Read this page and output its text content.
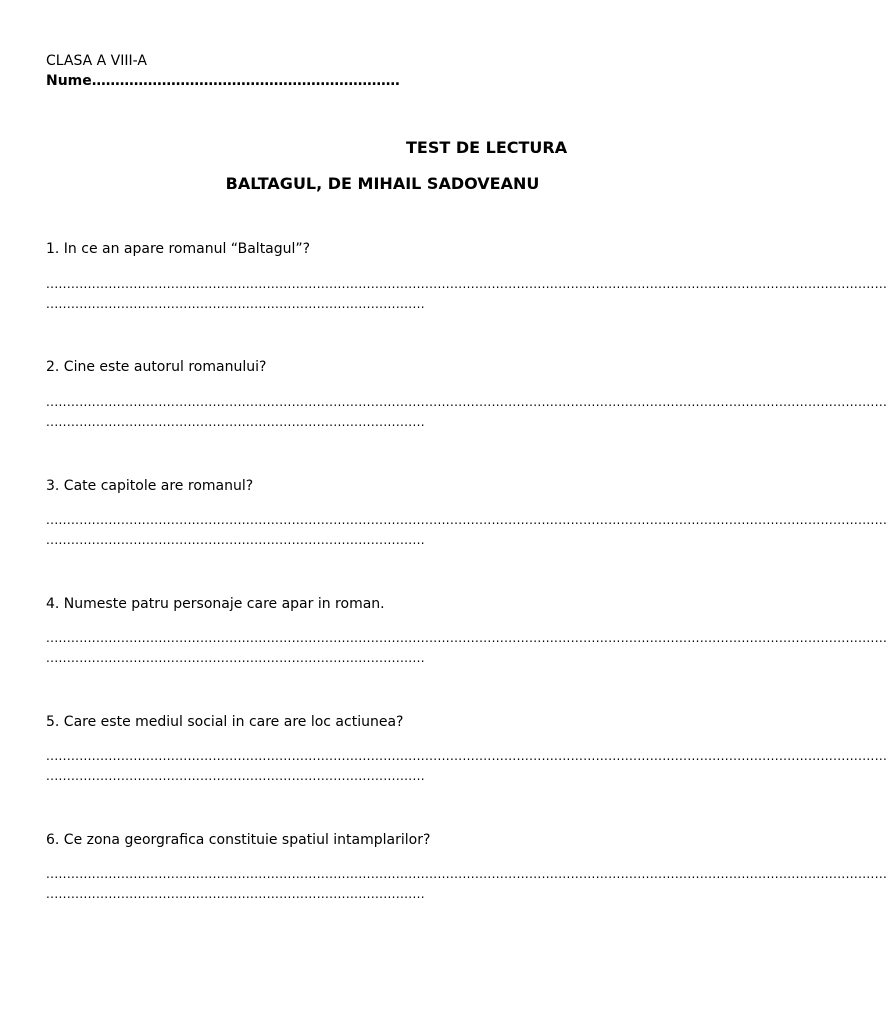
CLASA A VIII-A
Nume…………………………………………………………
TEST DE LECTURA
BALTAGUL, DE MIHAIL SADOVEANU
1. In ce an apare romanul “Baltagul”?
..........................................................................................................................................................................................................
...........................................................................................
2. Cine este autorul romanului?
..........................................................................................................................................................................................................
...........................................................................................
3. Cate capitole are romanul?
..........................................................................................................................................................................................................
...........................................................................................
4. Numeste patru personaje care apar in roman.
..........................................................................................................................................................................................................
...........................................................................................
5. Care este mediul social in care are loc actiunea?
..........................................................................................................................................................................................................
...........................................................................................
6. Ce zona georgrafica constituie spatiul intamplarilor?
..........................................................................................................................................................................................................
...........................................................................................
